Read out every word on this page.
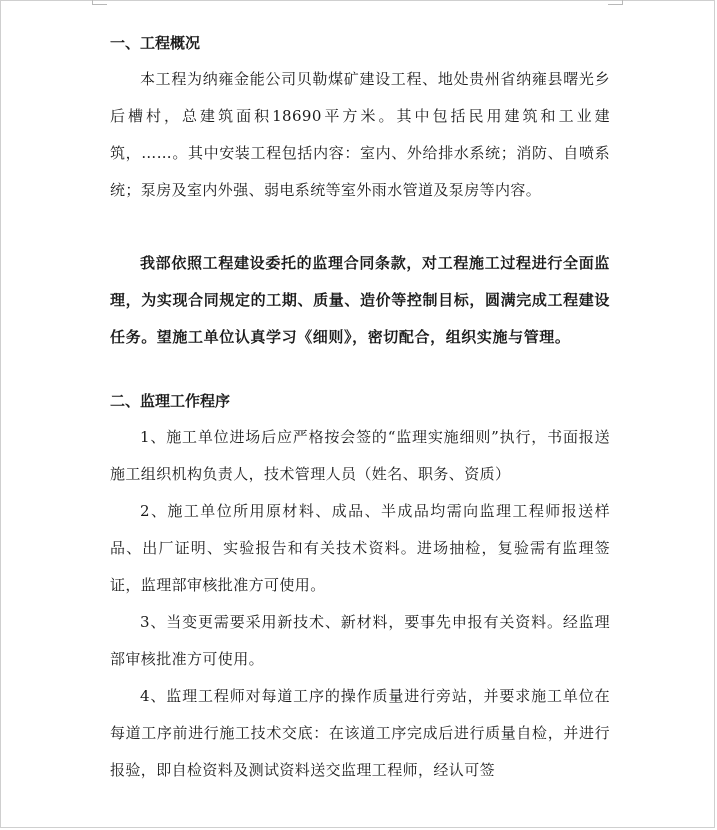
一、工程概况

本工程为纳雍金能公司贝勒煤矿建设工程、地处贵州省纳雍县曙光乡后槽村，总建筑面积18690平方米。其中包括民用建筑和工业建筑，……。其中安装工程包括内容：室内、外给排水系统；消防、自喷系统；泵房及室内外强、弱电系统等室外雨水管道及泵房等内容。

我部依照工程建设委托的监理合同条款，对工程施工过程进行全面监理，为实现合同规定的工期、质量、造价等控制目标，圆满完成工程建设任务。望施工单位认真学习《细则》，密切配合，组织实施与管理。

二、监理工作程序

1、施工单位进场后应严格按会签的“监理实施细则”执行，书面报送施工组织机构负责人，技术管理人员（姓名、职务、资质）

2、施工单位所用原材料、成品、半成品均需向监理工程师报送样品、出厂证明、实验报告和有关技术资料。进场抽检，复验需有监理签证，监理部审核批准方可使用。

3、当变更需要采用新技术、新材料，要事先申报有关资料。经监理部审核批准方可使用。

4、监理工程师对每道工序的操作质量进行旁站，并要求施工单位在每道工序前进行施工技术交底：在该道工序完成后进行质量自检，并进行报验，即自检资料及测试资料送交监理工程师，经认可签
